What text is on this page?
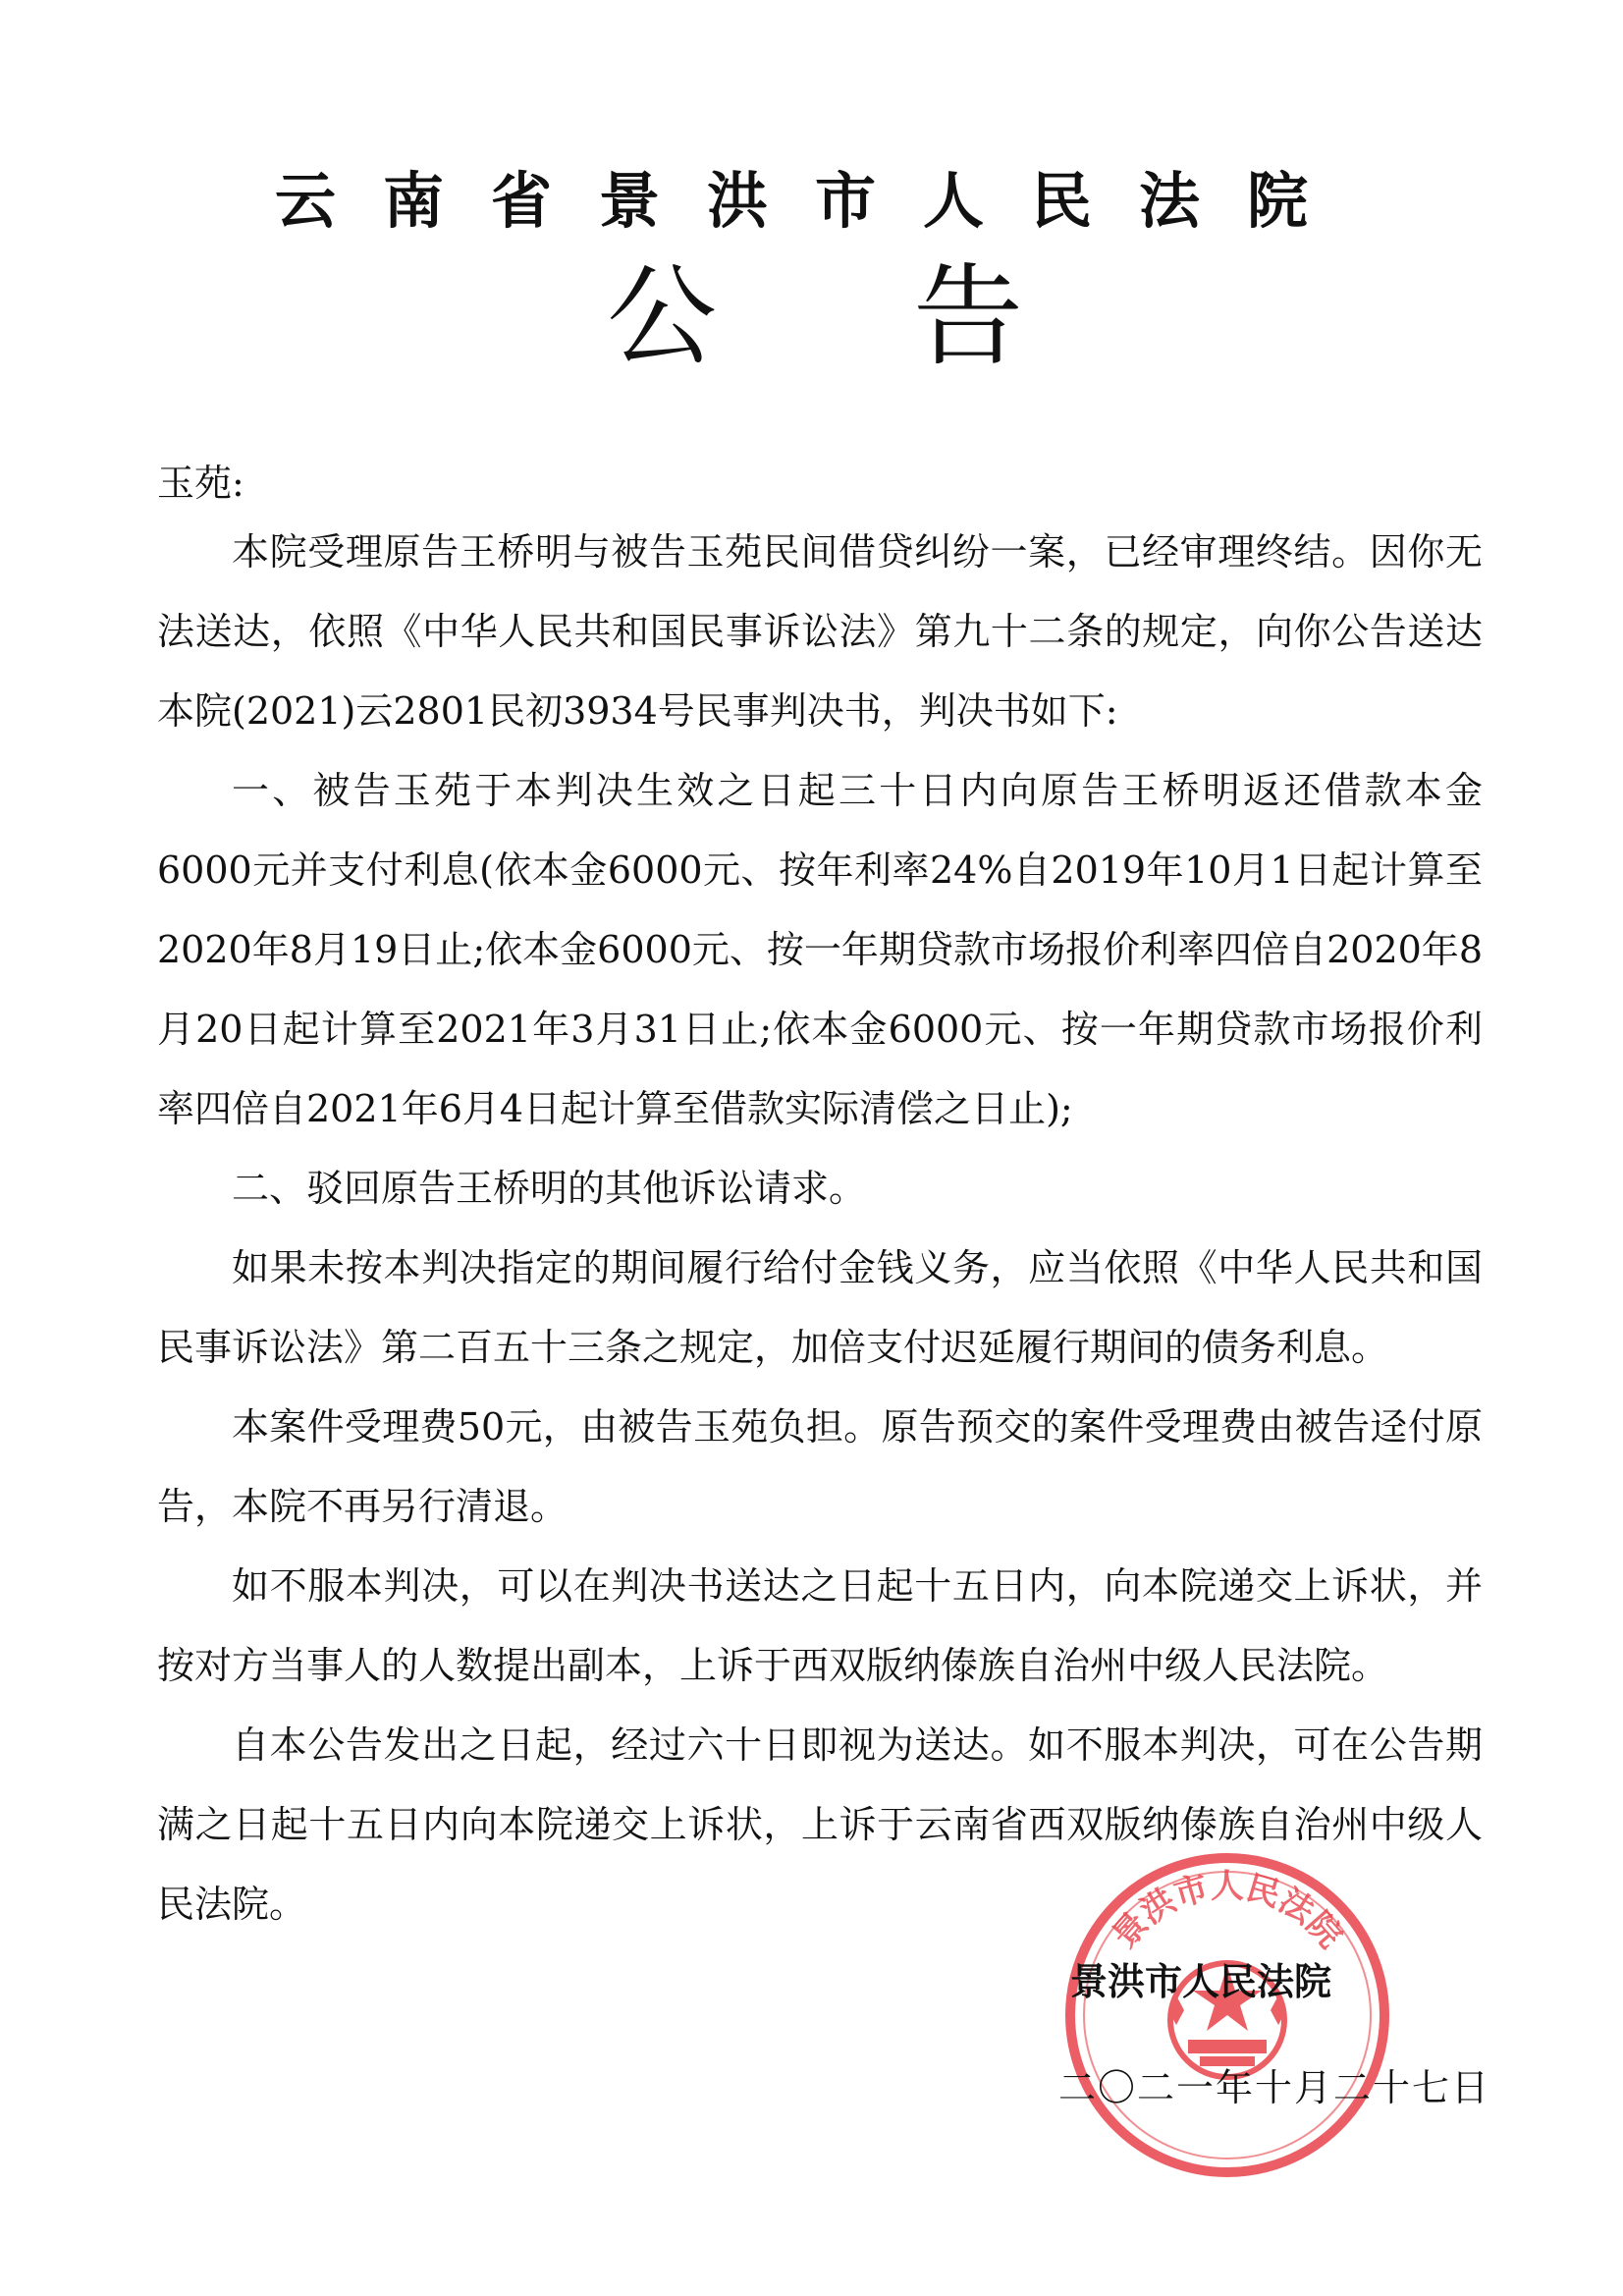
云南省景洪市人民法院
公告
玉苑:

本院受理原告王桥明与被告玉苑民间借贷纠纷一案，已经审理终结。因你无法送达，依照《中华人民共和国民事诉讼法》第九十二条的规定，向你公告送达本院(2021)云2801民初3934号民事判决书，判决书如下:

一、被告玉苑于本判决生效之日起三十日内向原告王桥明返还借款本金6000元并支付利息(依本金6000元、按年利率24%自2019年10月1日起计算至2020年8月19日止;依本金6000元、按一年期贷款市场报价利率四倍自2020年8月20日起计算至2021年3月31日止;依本金6000元、按一年期贷款市场报价利率四倍自2021年6月4日起计算至借款实际清偿之日止);

二、驳回原告王桥明的其他诉讼请求。

如果未按本判决指定的期间履行给付金钱义务，应当依照《中华人民共和国民事诉讼法》第二百五十三条之规定，加倍支付迟延履行期间的债务利息。

本案件受理费50元，由被告玉苑负担。原告预交的案件受理费由被告迳付原告，本院不再另行清退。

如不服本判决，可以在判决书送达之日起十五日内，向本院递交上诉状，并按对方当事人的人数提出副本，上诉于西双版纳傣族自治州中级人民法院。

自本公告发出之日起，经过六十日即视为送达。如不服本判决，可在公告期满之日起十五日内向本院递交上诉状，上诉于云南省西双版纳傣族自治州中级人民法院。

景洪市人民法院
景洪市人民法院
二〇二一年十月二十七日
